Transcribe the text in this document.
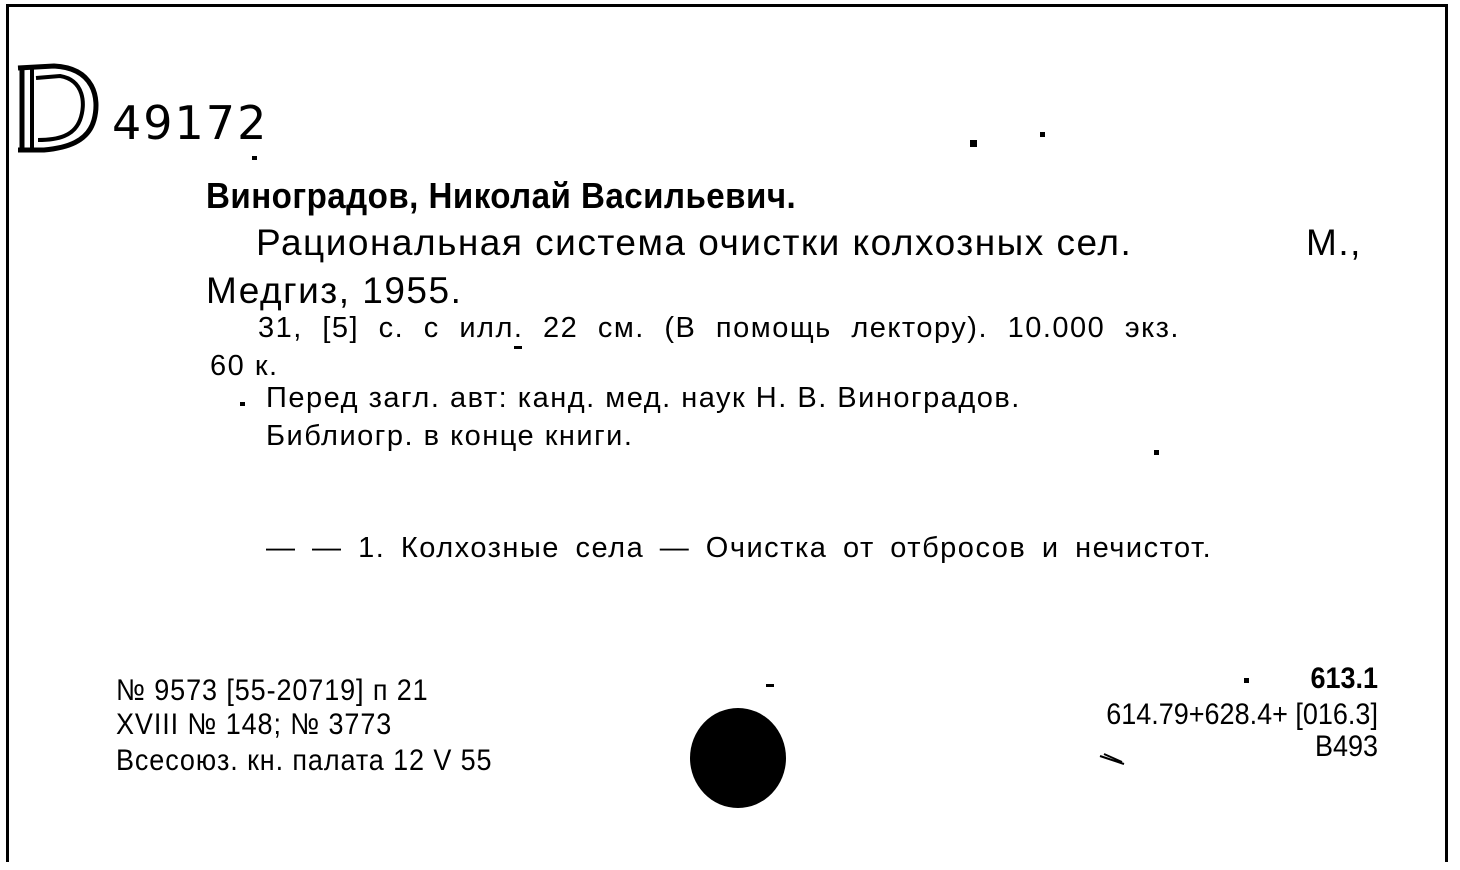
49172
Виноградов, Николай Васильевич.
Рациональная система очистки колхозных сел.	М.,
Медгиз, 1955.
31, [5] с. с илл. 22 см. (В помощь лектору). 10.000 экз.
60 к.
Перед загл. авт: канд. мед. наук Н. В. Виноградов.
Библиогр. в конце книги.
— — 1. Колхозные села — Очистка от отбросов и нечистот.
№ 9573 [55-20719] п 21
XVIII № 148; № 3773
Всесоюз. кн. палата 12 V 55
613.1
614.79+628.4+ [016.3]
B493
